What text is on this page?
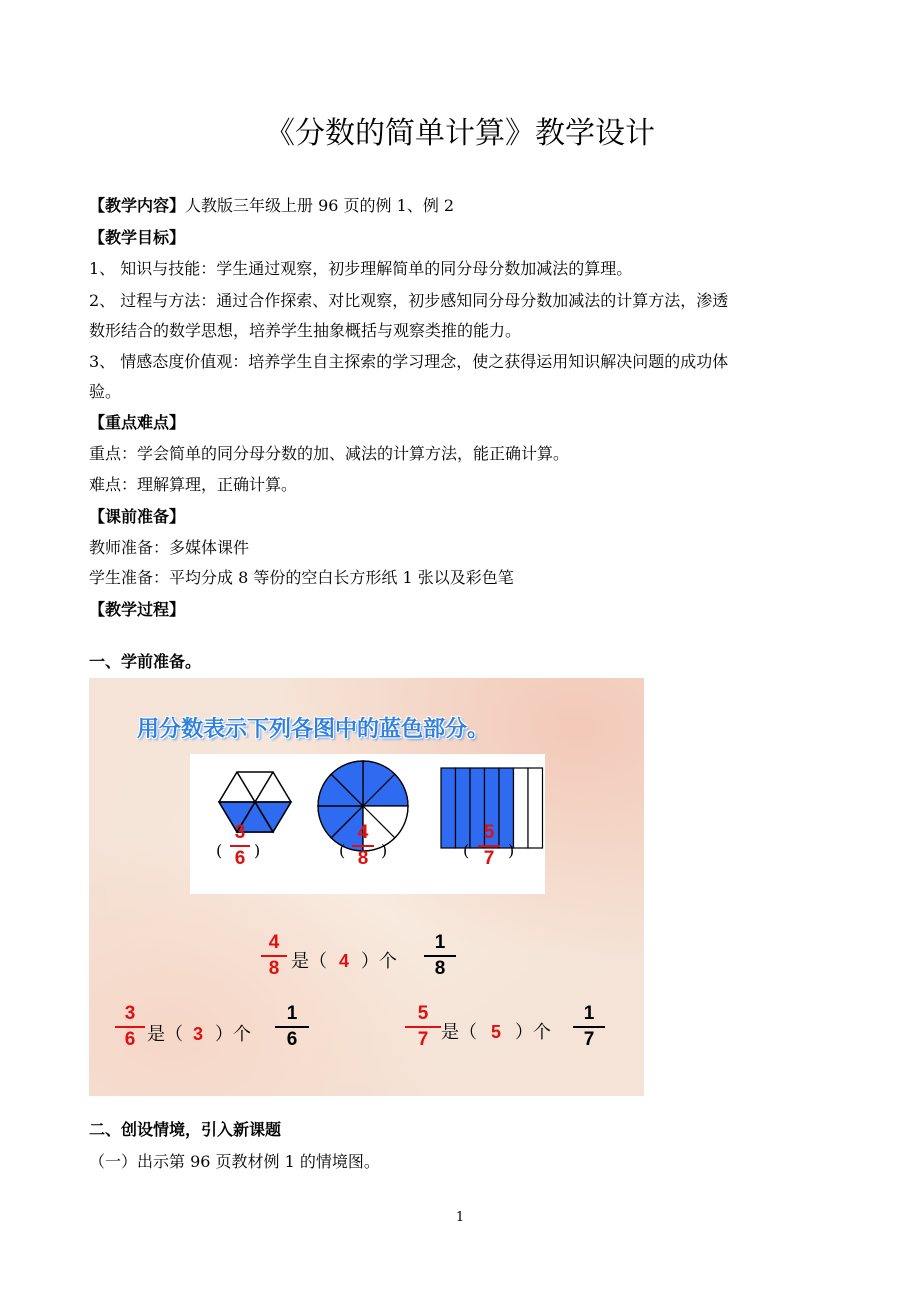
《分数的简单计算》教学设计
【教学内容】人教版三年级上册 96 页的例 1、例 2
【教学目标】
1、 知识与技能：学生通过观察，初步理解简单的同分母分数加减法的算理。
2、 过程与方法：通过合作探索、对比观察，初步感知同分母分数加减法的计算方法，渗透
数形结合的数学思想，培养学生抽象概括与观察类推的能力。
3、 情感态度价值观：培养学生自主探索的学习理念，使之获得运用知识解决问题的成功体
验。
【重点难点】
重点：学会简单的同分母分数的加、减法的计算方法，能正确计算。
难点：理解算理，正确计算。
【课前准备】
教师准备：多媒体课件
学生准备：平均分成 8 等份的空白长方形纸 1 张以及彩色笔
【教学过程】
一、学前准备。
用分数表示下列各图中的蓝色部分。
(
3
6 )	(
4
8 )	(
5
7 )
4
8 是（ 4 ）个
1
8
3
6 是（ 3 ）个
1
6
5
7 是（ 5 ）个
1
7
二、创设情境，引入新课题
（一）出示第 96 页教材例 1 的情境图。
1
